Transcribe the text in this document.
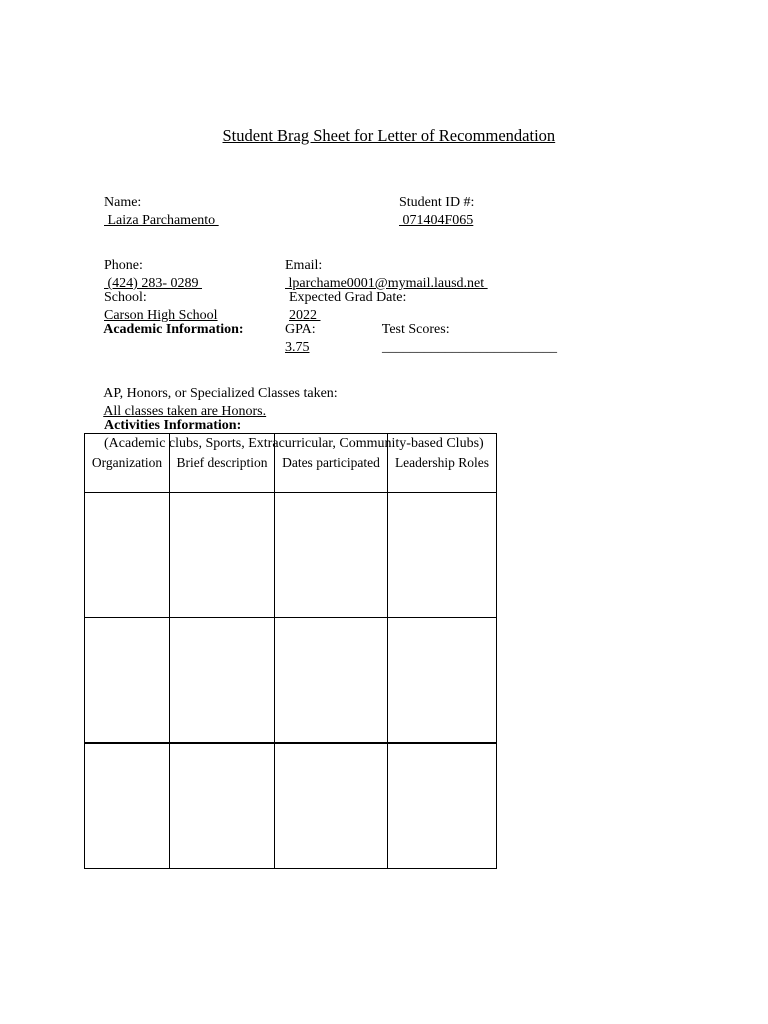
Student Brag Sheet for Letter of Recommendation

Name:
Laiza Parchamento

Student ID #:
071404F065

Phone:
(424) 283- 0289

Email:
lparchame0001@mymail.lausd.net

School:
Carson High School

Expected Grad Date:
2022

Academic Information:
	GPA:
3.75

Test Scores:
_________________________

AP, Honors, or Specialized Classes taken:
All classes taken are Honors.

Activities Information:
(Academic clubs, Sports, Extracurricular, Community-based Clubs)

Organization	Brief description	Dates participated	Leadership Roles
